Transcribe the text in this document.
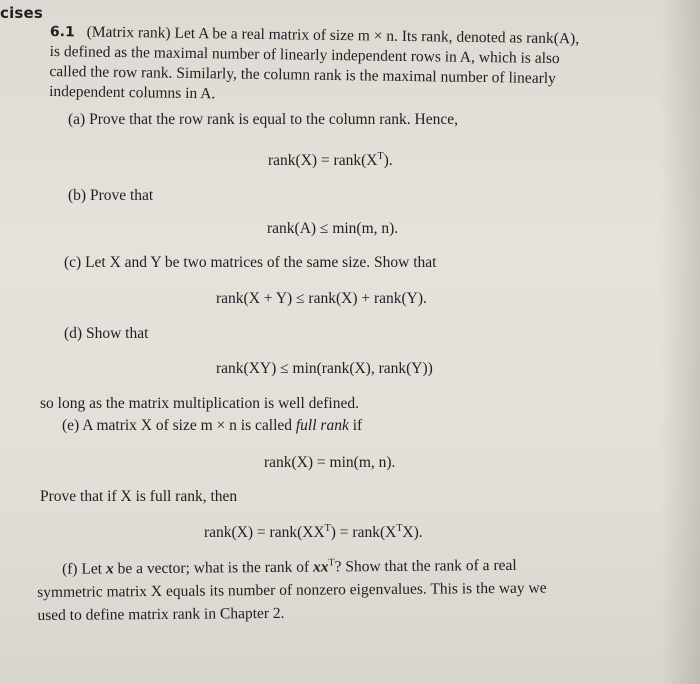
cises
6.1 (Matrix rank) Let A be a real matrix of size m × n. Its rank, denoted as rank(A),
is defined as the maximal number of linearly independent rows in A, which is also
called the row rank. Similarly, the column rank is the maximal number of linearly
independent columns in A.
(a) Prove that the row rank is equal to the column rank. Hence,
rank(X) = $rank(X^T)$.
(b) Prove that
rank(A) ≤ min(m, n).
(c) Let X and Y be two matrices of the same size. Show that
rank(X + Y) ≤ rank(X) + rank(Y).
(d) Show that
rank(XY) ≤ min(rank(X), rank(Y))
so long as the matrix multiplication is well defined.
(e) A matrix X of size m × n is called full rank if
rank(X) = min(m, n).
Prove that if X is full rank, then
rank(X) = $rank(XX^T)$ = $rank(X^TX)$.
(f) Let x be a vector; what is the rank of $xx^T$? Show that the rank of a real
symmetric matrix X equals its number of nonzero eigenvalues. This is the way we
used to define matrix rank in Chapter 2.
